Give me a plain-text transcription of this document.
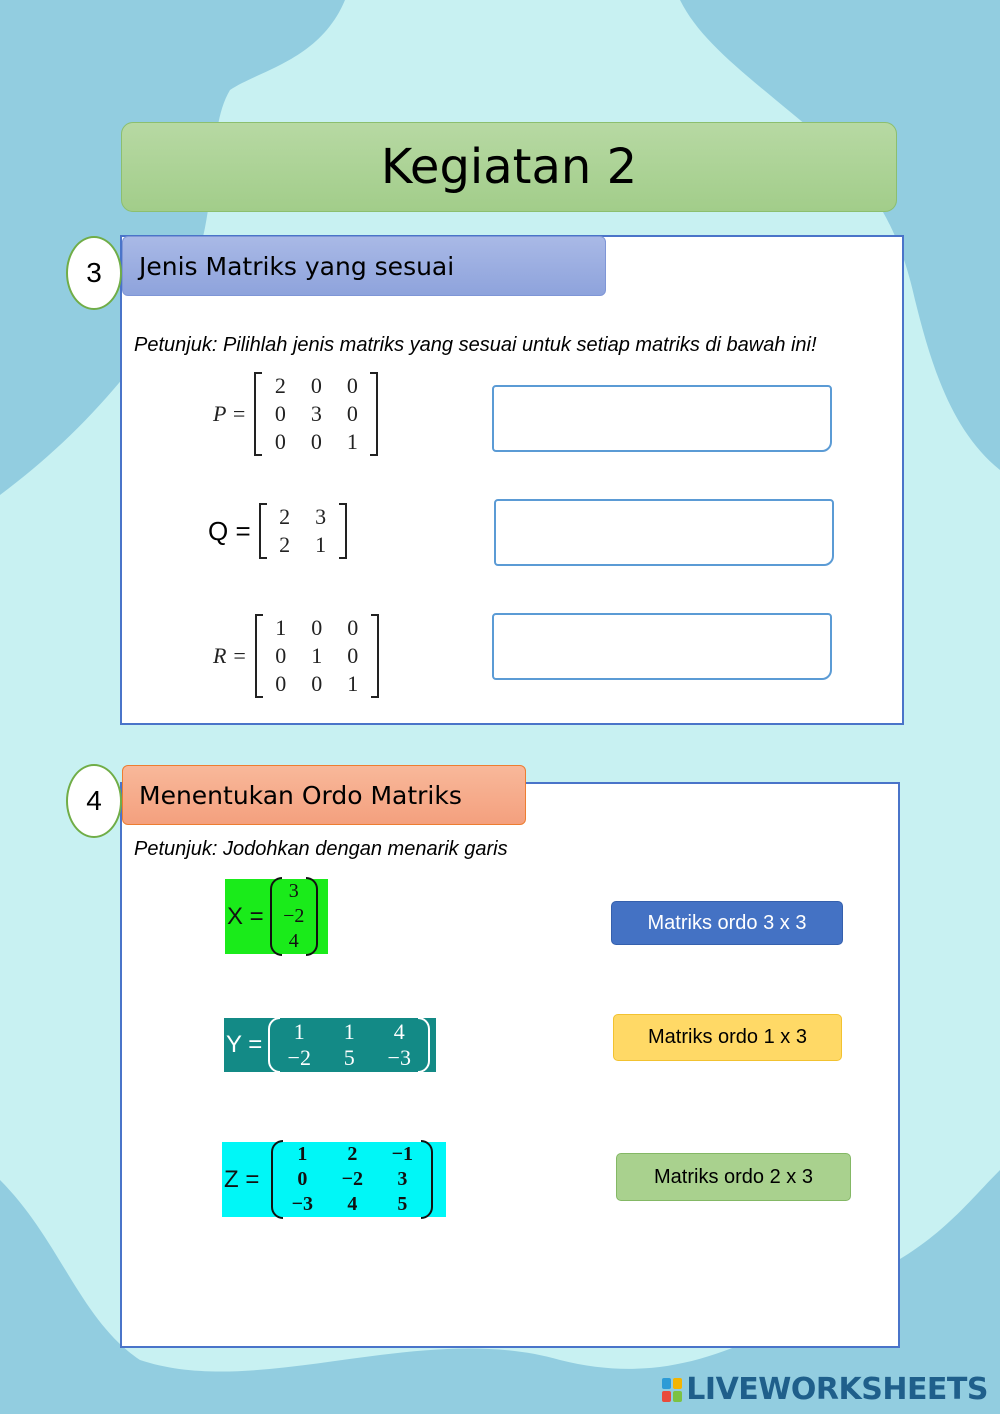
Kegiatan 2
3	Jenis Matriks yang sesuai
Petunjuk: Pilihlah jenis matriks yang sesuai untuk setiap matriks di bawah ini!
P =
2	0	0
0	3	0
0	0	1
Q =	2	3
2	1
R =
1	0	0
0	1	0
0	0	1
4	Menentukan Ordo Matriks
Petunjuk: Jodohkan dengan menarik garis
X =
3
−2
4
Y =	1	1	4
−2	5	−3
Z =
1	2	−1
0	−2	3
−3	4	5
Matriks ordo 3 x 3
Matriks ordo 1 x 3
Matriks ordo 2 x 3
LIVEWORKSHEETS
